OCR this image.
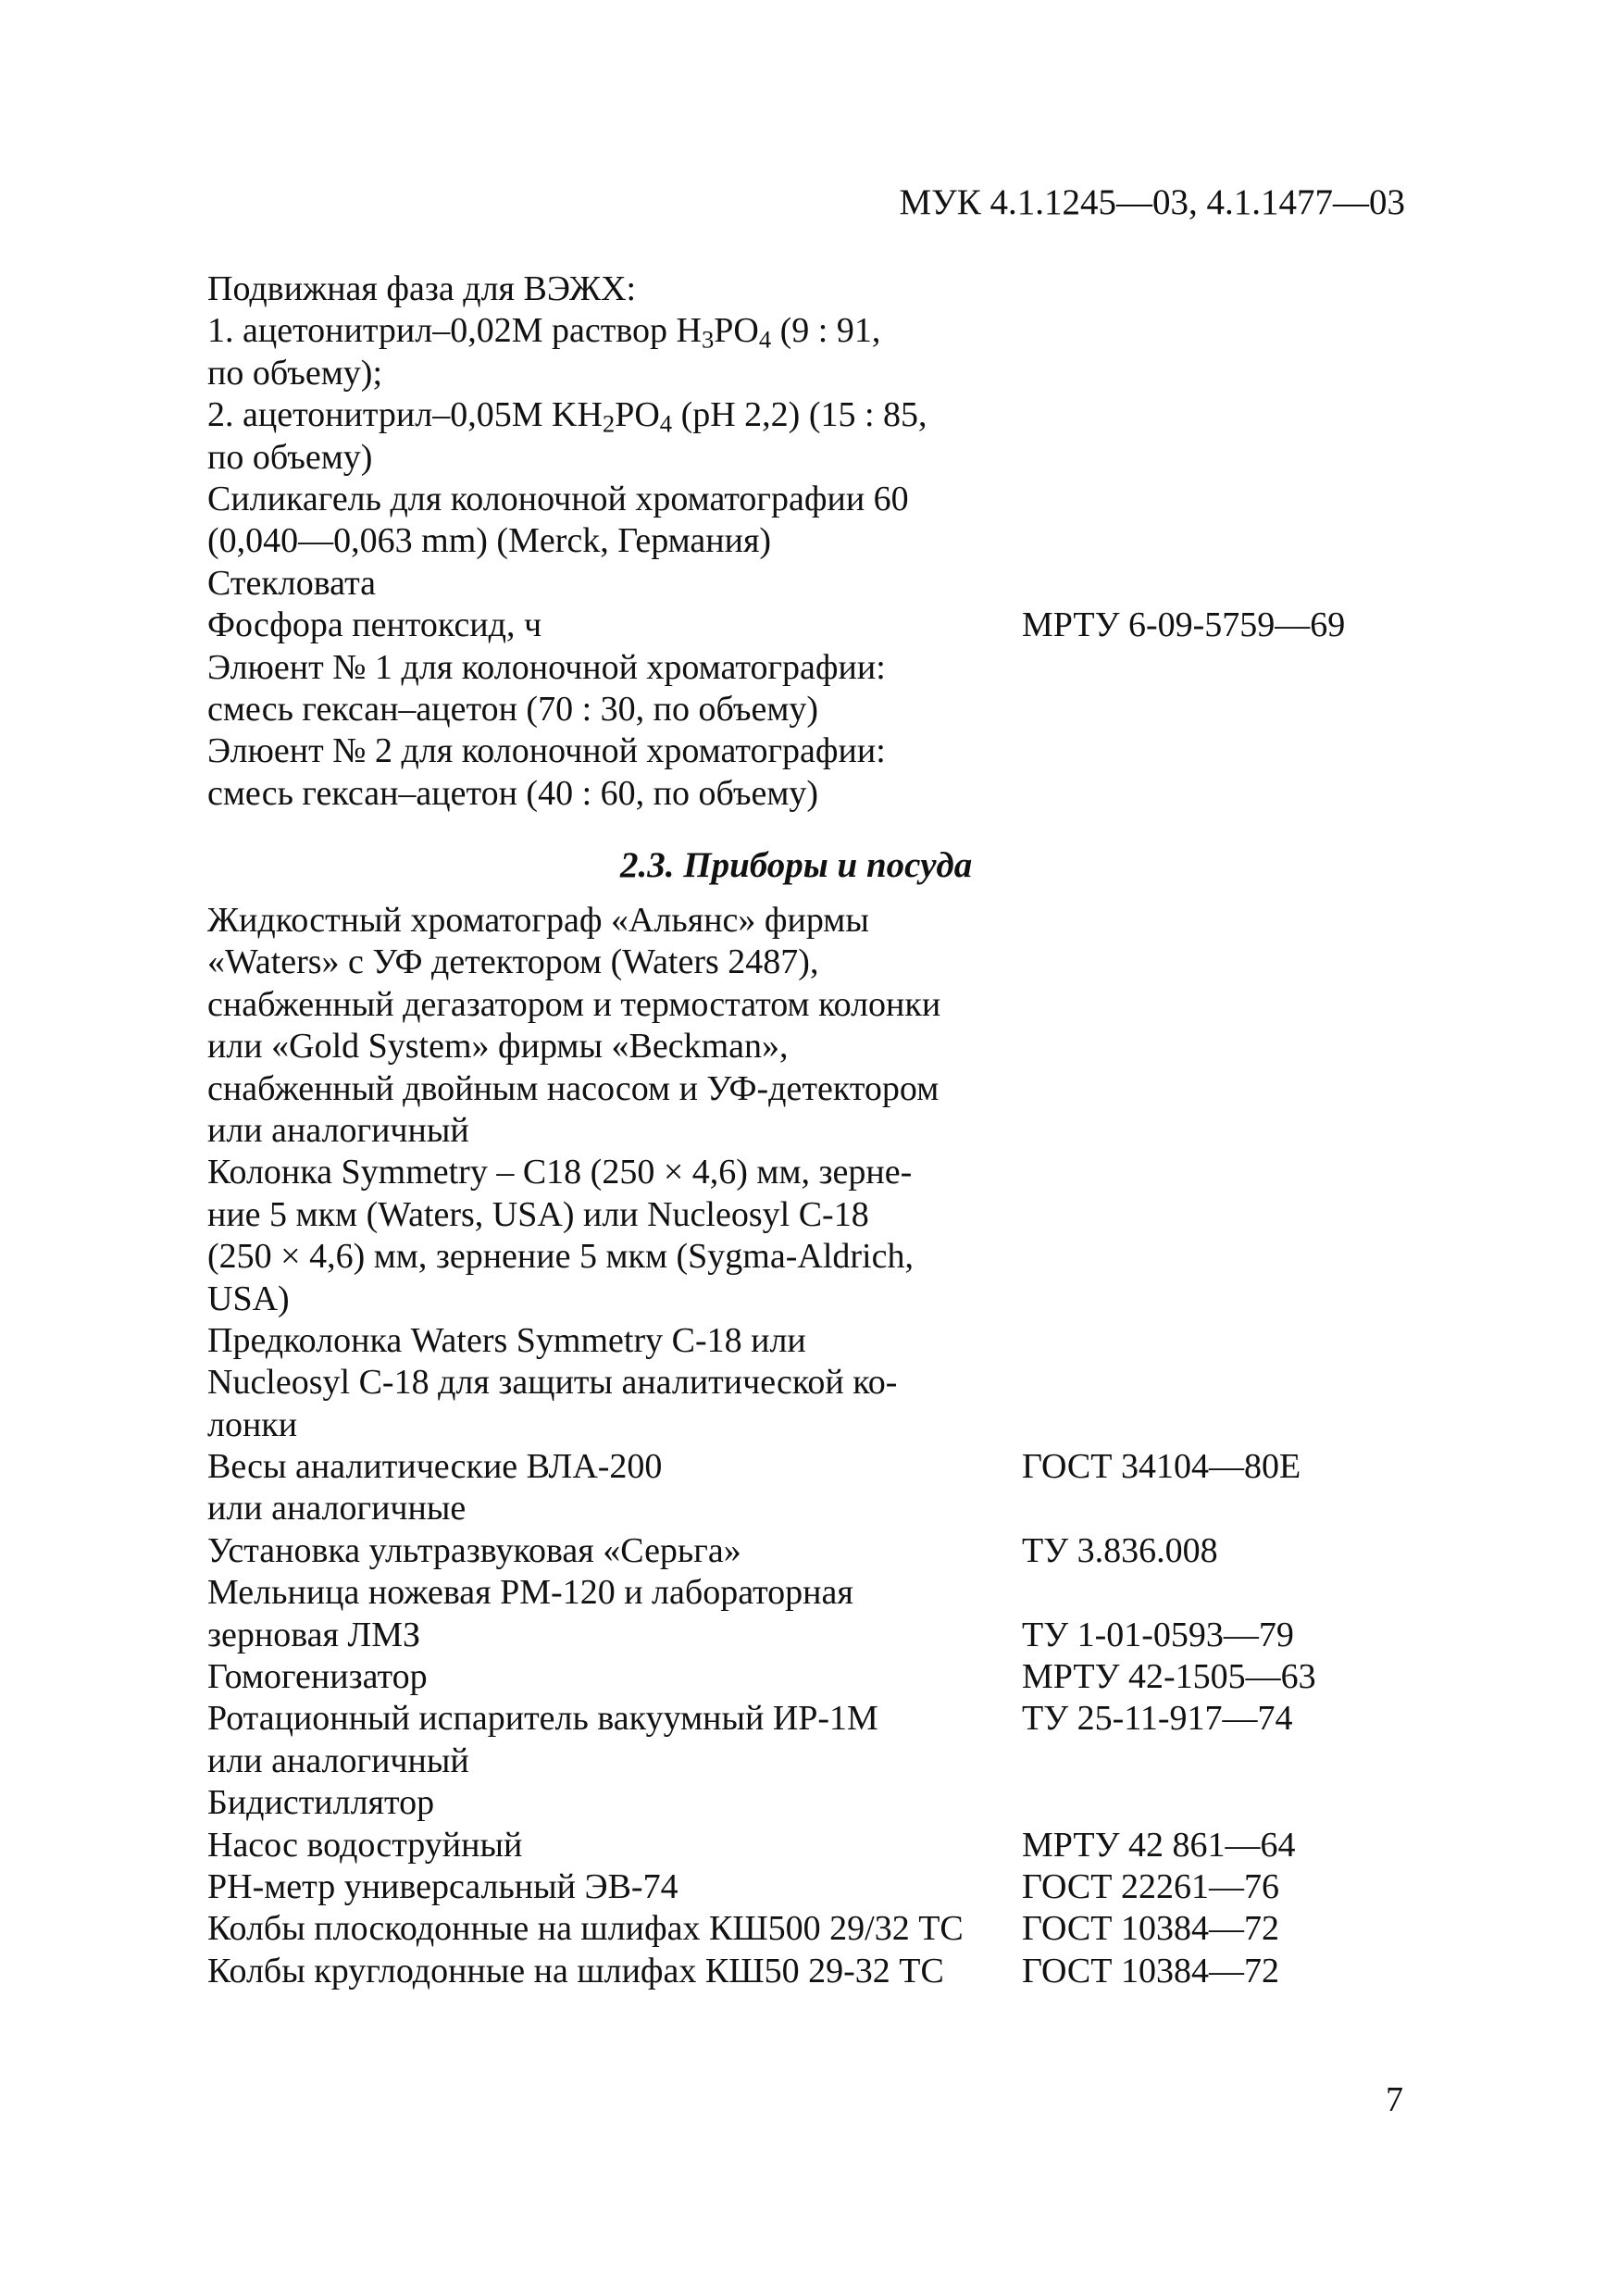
МУК 4.1.1245—03, 4.1.1477—03
Подвижная фаза для ВЭЖХ:
1. ацетонитрил–0,02М раствор $H_3PO_4$ (9 : 91,
по объему);
2. ацетонитрил–0,05М $KH_2PO_4$ (pH 2,2) (15 : 85,
по объему)
Силикагель для колоночной хроматографии 60
(0,040—0,063 mm) (Merck, Германия)
Стекловата
Фосфора пентоксид, ч	МРТУ 6-09-5759—69
Элюент № 1 для колоночной хроматографии:
смесь гексан–ацетон (70 : 30, по объему)
Элюент № 2 для колоночной хроматографии:
смесь гексан–ацетон (40 : 60, по объему)
2.3. Приборы и посуда
Жидкостный хроматограф «Альянс» фирмы
«Waters» с УФ детектором (Waters 2487),
снабженный дегазатором и термостатом колонки
или «Gold System» фирмы «Beckman»,
снабженный двойным насосом и УФ-детектором
или аналогичный
Колонка Symmetry – С18 (250 × 4,6) мм, зерне-
ние 5 мкм (Waters, USA) или Nucleosyl C-18
(250 × 4,6) мм, зернение 5 мкм (Sygma-Aldrich,
USA)
Предколонка Waters Symmetry C-18 или
Nucleosyl C-18 для защиты аналитической ко-
лонки
Весы аналитические ВЛА-200	ГОСТ 34104—80Е
или аналогичные
Установка ультразвуковая «Серьга»	ТУ 3.836.008
Мельница ножевая РМ-120 и лабораторная
зерновая ЛМЗ	ТУ 1-01-0593—79
Гомогенизатор	МРТУ 42-1505—63
Ротационный испаритель вакуумный ИР-1М	ТУ 25-11-917—74
или аналогичный
Бидистиллятор
Насос водоструйный	МРТУ 42 861—64
PH-метр универсальный ЭВ-74	ГОСТ 22261—76
Колбы плоскодонные на шлифах КШ500 29/32 ТС	ГОСТ 10384—72
Колбы круглодонные на шлифах КШ50 29-32 ТС	ГОСТ 10384—72
7
